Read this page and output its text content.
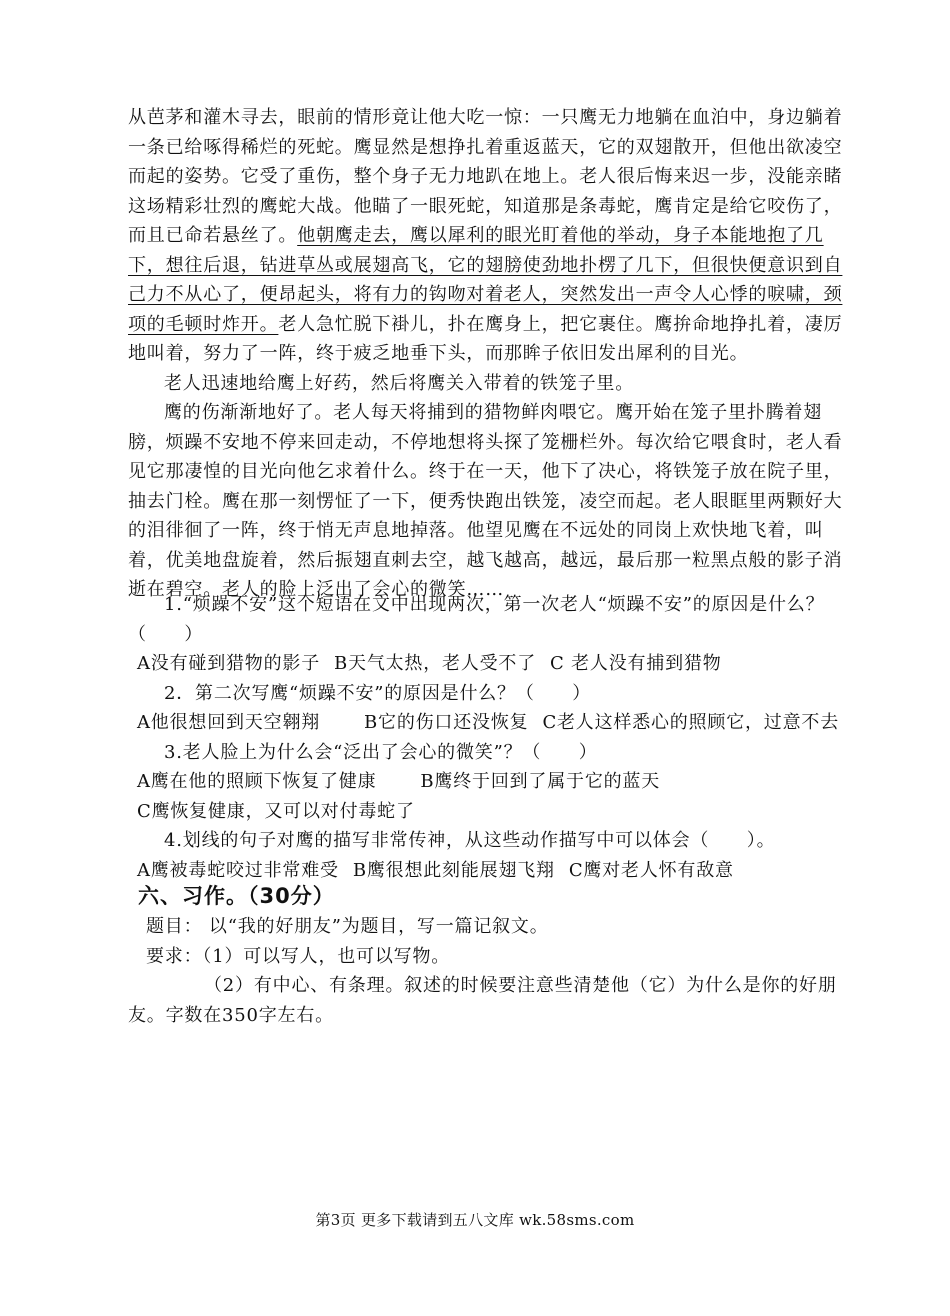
从芭茅和灌木寻去，眼前的情形竟让他大吃一惊：一只鹰无力地躺在血泊中，身边躺着一条已给啄得稀烂的死蛇。鹰显然是想挣扎着重返蓝天，它的双翅散开，但他出欲凌空而起的姿势。它受了重伤，整个身子无力地趴在地上。老人很后悔来迟一步，没能亲睹这场精彩壮烈的鹰蛇大战。他瞄了一眼死蛇，知道那是条毒蛇，鹰肯定是给它咬伤了，而且已命若悬丝了。他朝鹰走去，鹰以犀利的眼光盯着他的举动，身子本能地抱了几下，想往后退，钻进草丛或展翅高飞，它的翅膀使劲地扑楞了几下，但很快便意识到自己力不从心了，便昂起头，将有力的钩吻对着老人，突然发出一声令人心悸的唳啸，颈项的毛顿时炸开。老人急忙脱下褂儿，扑在鹰身上，把它裹住。鹰拚命地挣扎着，凄厉地叫着，努力了一阵，终于疲乏地垂下头，而那眸子依旧发出犀利的目光。

老人迅速地给鹰上好药，然后将鹰关入带着的铁笼子里。

鹰的伤渐渐地好了。老人每天将捕到的猎物鲜肉喂它。鹰开始在笼子里扑腾着翅膀，烦躁不安地不停来回走动，不停地想将头探了笼栅栏外。每次给它喂食时，老人看见它那凄惶的目光向他乞求着什么。终于在一天，他下了决心，将铁笼子放在院子里，抽去门栓。鹰在那一刻愣怔了一下，便秀快跑出铁笼，凌空而起。老人眼眶里两颗好大的泪徘徊了一阵，终于悄无声息地掉落。他望见鹰在不远处的同岗上欢快地飞着，叫着，优美地盘旋着，然后振翅直刺去空，越飞越高，越远，最后那一粒黑点般的影子消逝在碧空。老人的脸上泛出了会心的微笑……

1.“烦躁不安”这个短语在文中出现两次，第一次老人“烦躁不安”的原因是什么？（　　）

A没有碰到猎物的影子 B天气太热，老人受不了 C 老人没有捕到猎物

2．第二次写鹰“烦躁不安”的原因是什么？（　　）

A他很想回到天空翱翔 B它的伤口还没恢复 C老人这样悉心的照顾它，过意不去

3.老人脸上为什么会“泛出了会心的微笑”？（　　）

A鹰在他的照顾下恢复了健康 B鹰终于回到了属于它的蓝天

C鹰恢复健康，又可以对付毒蛇了

4.划线的句子对鹰的描写非常传神，从这些动作描写中可以体会（　　）。

A鹰被毒蛇咬过非常难受 B鹰很想此刻能展翅飞翔 C鹰对老人怀有敌意

六、习作。（30分）

题目： 以“我的好朋友”为题目，写一篇记叙文。

要求：（1）可以写人，也可以写物。

（2）有中心、有条理。叙述的时候要注意些清楚他（它）为什么是你的好朋友。字数在350字左右。

第3页 更多下载请到五八文库 wk.58sms.com
